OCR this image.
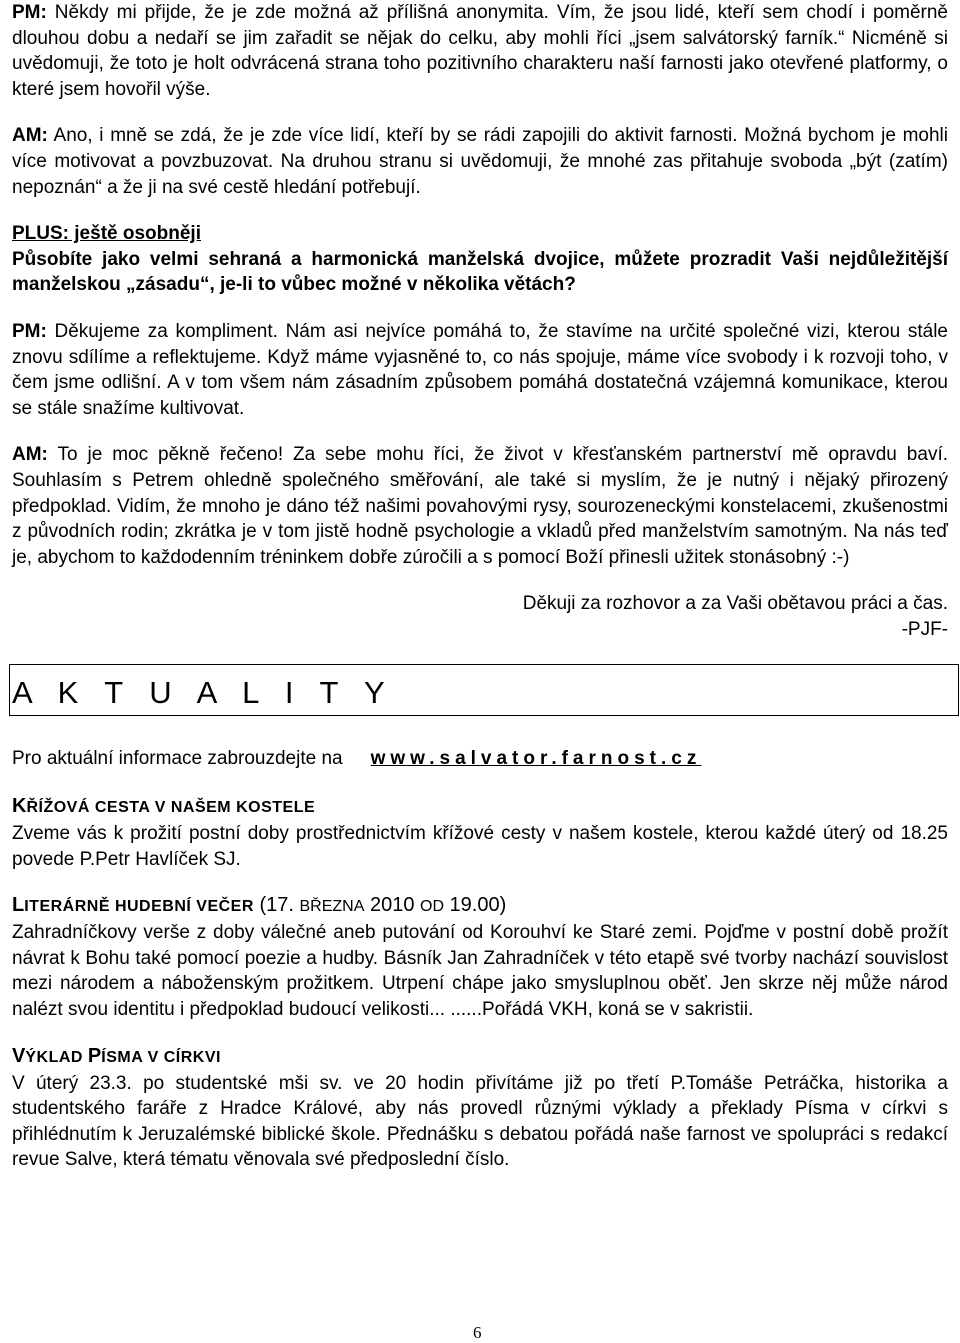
PM: Někdy mi přijde, že je zde možná až přílišná anonymita. Vím, že jsou lidé, kteří sem chodí i poměrně dlouhou dobu a nedaří se jim zařadit se nějak do celku, aby mohli říci „jsem salvátorský farník.“ Nicméně si uvědomuji, že toto je holt odvrácená strana toho pozitivního charakteru naší farnosti jako otevřené platformy, o které jsem hovořil výše.

AM: Ano, i mně se zdá, že je zde více lidí, kteří by se rádi zapojili do aktivit farnosti. Možná bychom je mohli více motivovat a povzbuzovat. Na druhou stranu si uvědomuji, že mnohé zas přitahuje svoboda „být (zatím) nepoznán“ a že ji na své cestě hledání potřebují.

PLUS: ještě osobněji

Působíte jako velmi sehraná a harmonická manželská dvojice, můžete prozradit Vaši nejdůležitější manželskou „zásadu“, je-li to vůbec možné v několika větách?

PM: Děkujeme za kompliment. Nám asi nejvíce pomáhá to, že stavíme na určité společné vizi, kterou stále znovu sdílíme a reflektujeme. Když máme vyjasněné to, co nás spojuje, máme více svobody i k rozvoji toho, v čem jsme odlišní. A v tom všem nám zásadním způsobem pomáhá dostatečná vzájemná komunikace, kterou se stále snažíme kultivovat.

AM: To je moc pěkně řečeno! Za sebe mohu říci, že život v křesťanském partnerství mě opravdu baví. Souhlasím s Petrem ohledně společného směřování, ale také si myslím, že je nutný i nějaký přirozený předpoklad. Vidím, že mnoho je dáno též našimi povahovými rysy, sourozeneckými konstelacemi, zkušenostmi z původních rodin; zkrátka je v tom jistě hodně psychologie a vkladů před manželstvím samotným. Na nás teď je, abychom to každodenním tréninkem dobře zúročili a s pomocí Boží přinesli užitek stonásobný :-)

Děkuji za rozhovor a za Vaši obětavou práci a čas.

-PJF-

A K T U A L I T Y

Pro aktuální informace zabrouzdejte na www.salvator.farnost.cz

KŘÍŽOVÁ CESTA V NAŠEM KOSTELE

Zveme vás k prožití postní doby prostřednictvím křížové cesty v našem kostele, kterou každé úterý od 18.25 povede P.Petr Havlíček SJ.

LITERÁRNĚ HUDEBNÍ VEČER (17. BŘEZNA 2010 OD 19.00)

Zahradníčkovy verše z doby válečné aneb putování od Korouhví ke Staré zemi. Pojďme v postní době prožít návrat k Bohu také pomocí poezie a hudby. Básník Jan Zahradníček v této etapě své tvorby nachází souvislost mezi národem a náboženským prožitkem. Utrpení chápe jako smysluplnou oběť. Jen skrze něj může národ nalézt svou identitu i předpoklad budoucí velikosti... ......Pořádá VKH, koná se v sakristii.

VÝKLAD PÍSMA V CÍRKVI

V úterý 23.3. po studentské mši sv. ve 20 hodin přivítáme již po třetí P.Tomáše Petráčka, historika a studentského faráře z Hradce Králové, aby nás provedl různými výklady a překlady Písma v církvi s přihlédnutím k Jeruzalémské biblické škole. Přednášku s debatou pořádá naše farnost ve spolupráci s redakcí revue Salve, která tématu věnovala své předposlední číslo.

6
